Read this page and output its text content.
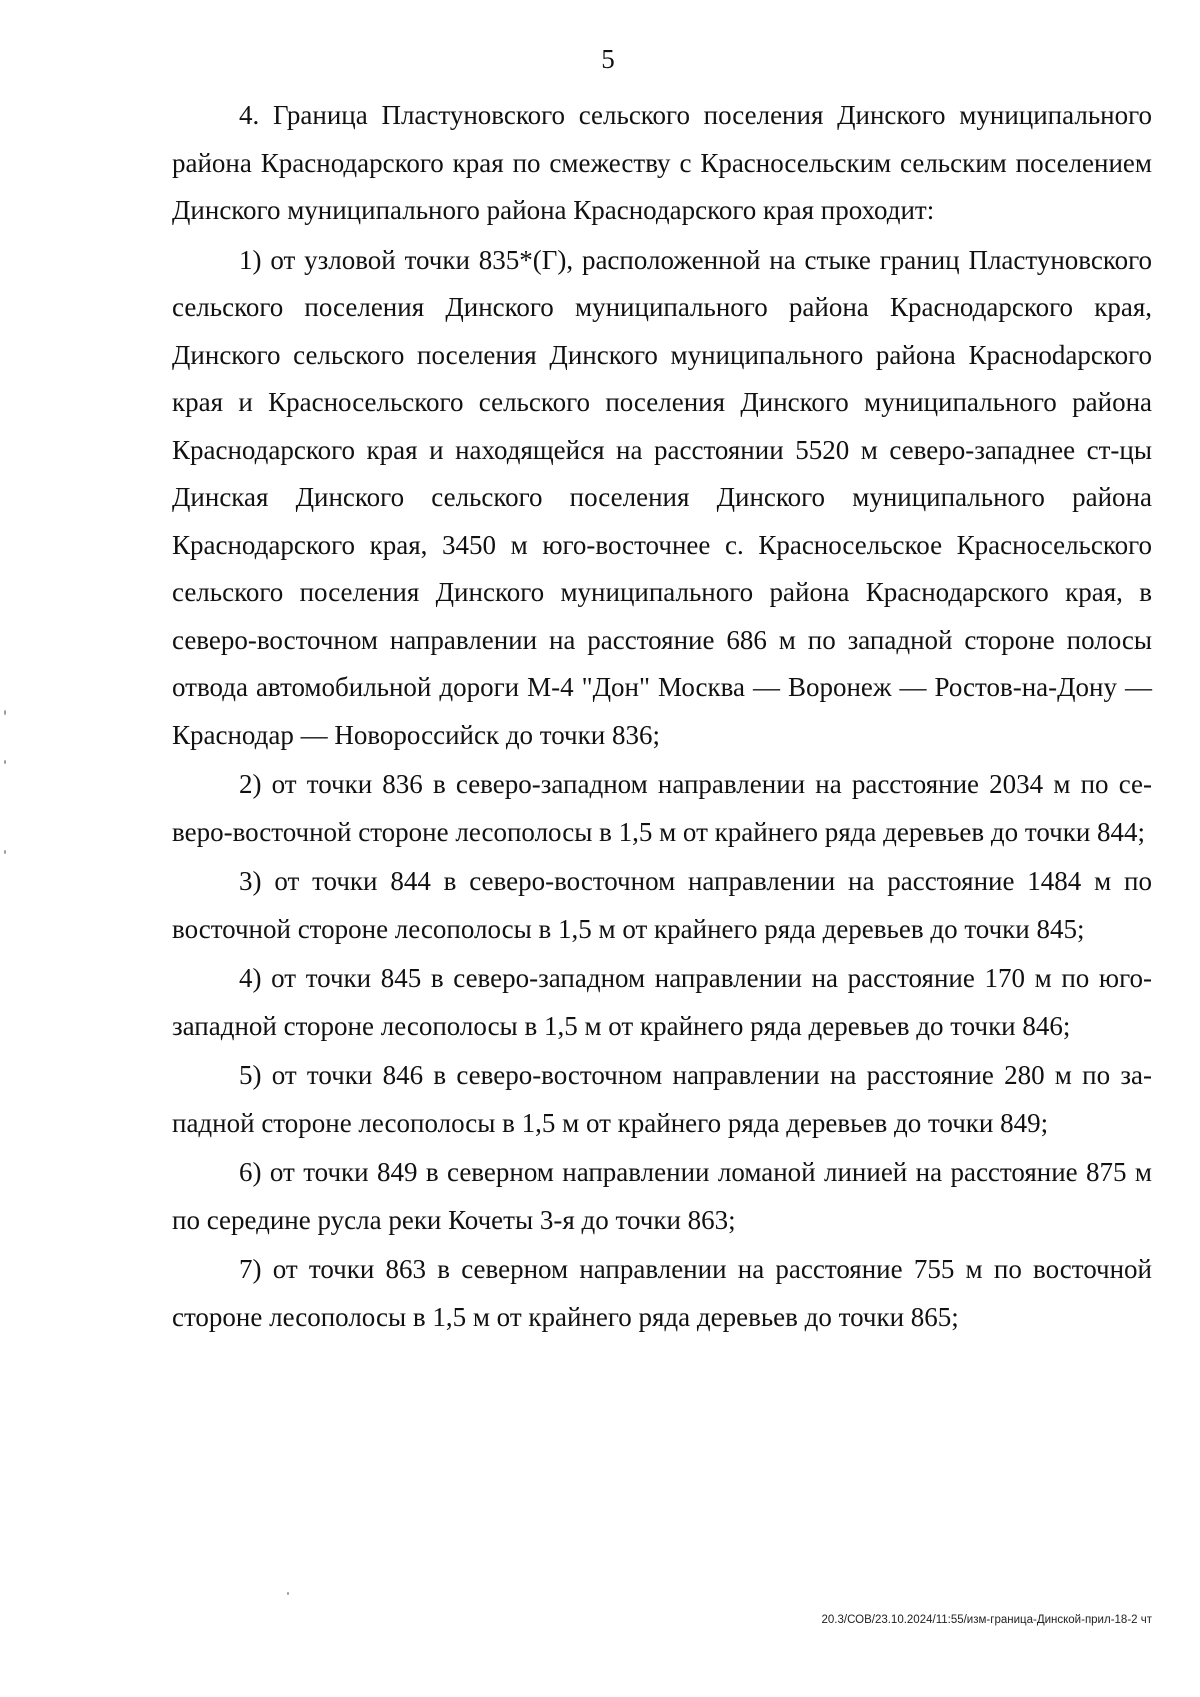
5

4. Граница Пластуновского сельского поселения Динского муниципального района Краснодарского края по смежеству с Красносельским сельским поселением Динского муниципального района Краснодарского края проходит:

1) от узловой точки 835*(Г), расположенной на стыке границ Пластуновского сельского поселения Динского муниципального района Краснодарского края, Динского сельского поселения Динского муниципального района Красноdарского края и Красносельского сельского поселения Динского муниципального района Краснодарского края и находящейся на расстоянии 5520 м северо-западнее ст-цы Динская Динского сельского поселения Динского муниципального района Краснодарского края, 3450 м юго-восточнее с. Красносельское Красносельского сельского поселения Динского муниципального района Краснодарского края, в северо-восточном направлении на расстояние 686 м по западной стороне полосы отвода автомобильной дороги М-4 "Дон" Москва — Воронеж — Ростов-на-Дону — Краснодар — Новороссийск до точки 836;

2) от точки 836 в северо-западном направлении на расстояние 2034 м по северо-восточной стороне лесополосы в 1,5 м от крайнего ряда деревьев до точки 844;

3) от точки 844 в северо-восточном направлении на расстояние 1484 м по восточной стороне лесополосы в 1,5 м от крайнего ряда деревьев до точки 845;

4) от точки 845 в северо-западном направлении на расстояние 170 м по юго-западной стороне лесополосы в 1,5 м от крайнего ряда деревьев до точки 846;

5) от точки 846 в северо-восточном направлении на расстояние 280 м по западной стороне лесополосы в 1,5 м от крайнего ряда деревьев до точки 849;

6) от точки 849 в северном направлении ломаной линией на расстояние 875 м по середине русла реки Кочеты 3-я до точки 863;

7) от точки 863 в северном направлении на расстояние 755 м по восточной стороне лесополосы в 1,5 м от крайнего ряда деревьев до точки 865;

20.3/СОВ/23.10.2024/11:55/изм-граница-Динской-прил-18-2 чт
